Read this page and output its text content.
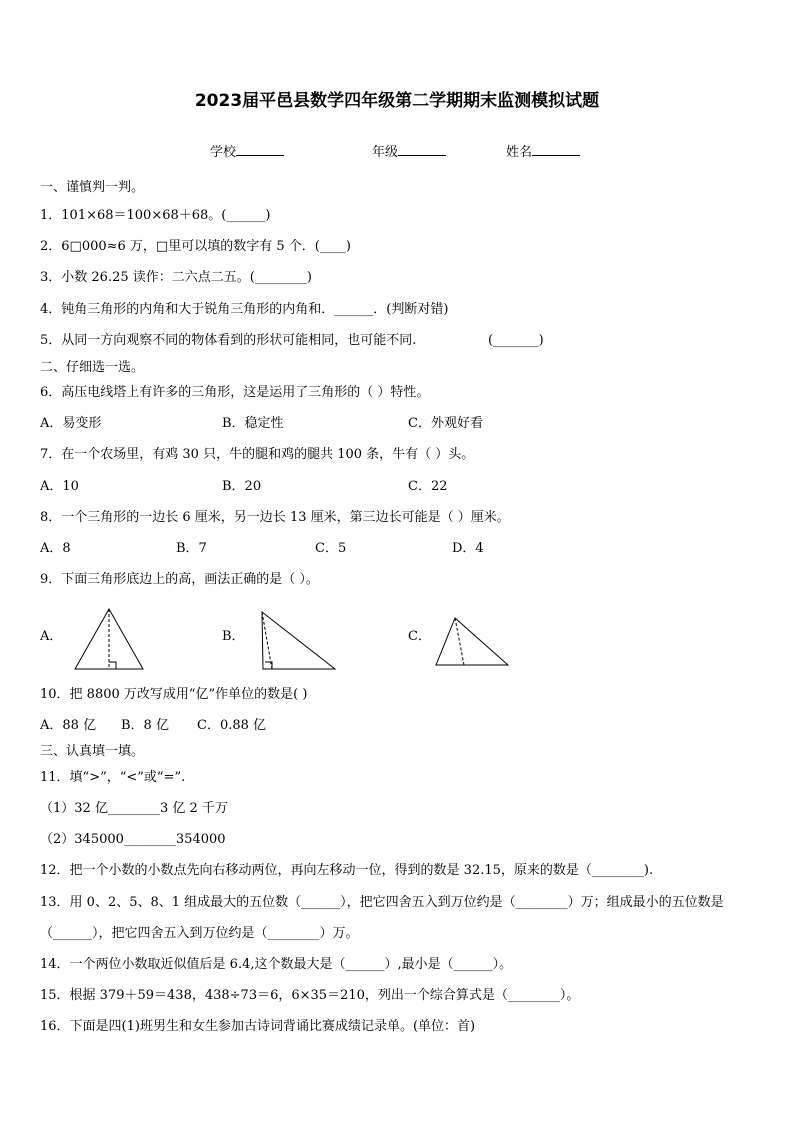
2023届平邑县数学四年级第二学期期末监测模拟试题
学校	年级	姓名
一、谨慎判一判。
1．101×68＝100×68＋68。(______)
2．6□000≈6 万，□里可以填的数字有 5 个．(____)
3．小数 26.25 读作：二六点二五。(________)
4．钝角三角形的内角和大于锐角三角形的内角和．______．(判断对错)
5．从同一方向观察不同的物体看到的形状可能相同，也可能不同.	(_______)
二、仔细选一选。
6．高压电线塔上有许多的三角形，这是运用了三角形的（ ）特性。
A．易变形	B．稳定性	C．外观好看
7．在一个农场里，有鸡 30 只，牛的腿和鸡的腿共 100 条，牛有（ ）头。
A．10	B．20	C．22
8．一个三角形的一边长 6 厘米，另一边长 13 厘米，第三边长可能是（ ）厘米。
A．8	B．7	C．5	D．4
9．下面三角形底边上的高，画法正确的是（ ）。
A．	B．	C．
10．把 8800 万改写成用“亿”作单位的数是( )
A．88 亿 B．8 亿 C．0.88 亿
三、认真填一填。
11．填“>”，“<”或“=”.
（1）32 亿________3 亿 2 千万
（2）345000________354000
12．把一个小数的小数点先向右移动两位，再向左移动一位，得到的数是 32.15，原来的数是（________).
13．用 0、2、5、8、1 组成最大的五位数（______），把它四舍五入到万位约是（________）万；组成最小的五位数是
（______），把它四舍五入到万位约是（________）万。
14．一个两位小数取近似值后是 6.4,这个数最大是（______）,最小是（______）。
15．根据 379＋59＝438，438÷73＝6，6×35＝210，列出一个综合算式是（________）。
16．下面是四(1)班男生和女生参加古诗词背诵比赛成绩记录单。(单位：首)
